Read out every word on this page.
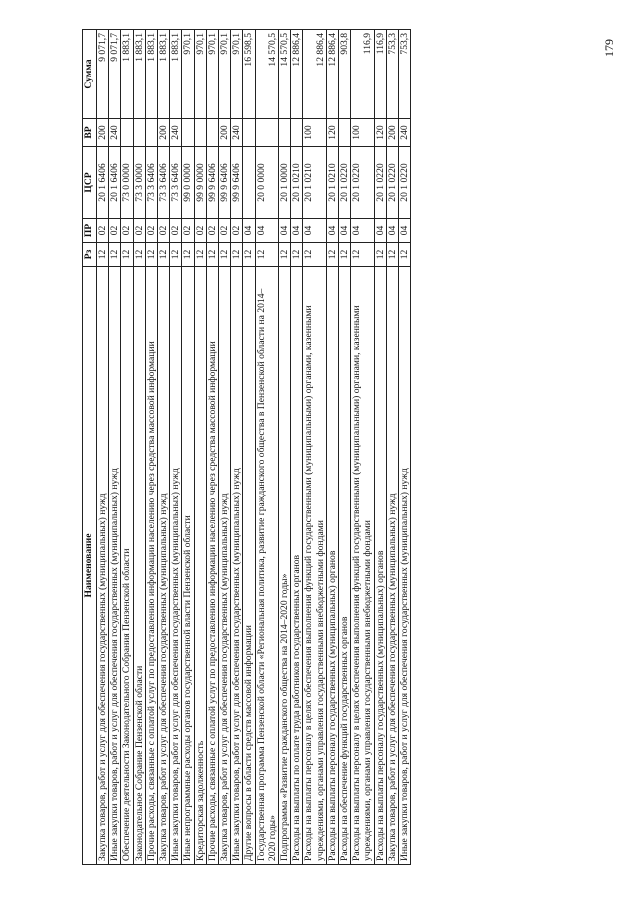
179
Наименование	Рз	ПР	ЦСР	ВР	Сумма
Закупка товаров, работ и услуг для обеспечения государственных (муниципальных) нужд	12	02	20 1 6406	200	9 071,7
Иные закупки товаров, работ и услуг для обеспечения государственных (муниципальных) нужд	12	02	20 1 6406	240	9 071,7
Обеспечение деятельности Законодательного Собрания Пензенской области	12	02	73 0 0000		1 883,1
Законодательное Собрание Пензенской области	12	02	73 3 0000		1 883,1
Прочие расходы, связанные с оплатой услуг по предоставлению информации населению через средства массовой информации	12	02	73 3 6406		1 883,1
Закупка товаров, работ и услуг для обеспечения государственных (муниципальных) нужд	12	02	73 3 6406	200	1 883,1
Иные закупки товаров, работ и услуг для обеспечения государственных (муниципальных) нужд	12	02	73 3 6406	240	1 883,1
Иные непрограммные расходы органов государственной власти Пензенской области	12	02	99 0 0000		970,1
Кредиторская задолженность	12	02	99 9 0000		970,1
Прочие расходы, связанные с оплатой услуг по предоставлению информации населению через средства массовой информации	12	02	99 9 6406		970,1
Закупка товаров, работ и услуг для обеспечения государственных (муниципальных) нужд	12	02	99 9 6406	200	970,1
Иные закупки товаров, работ и услуг для обеспечения государственных (муниципальных) нужд	12	02	99 9 6406	240	970,1
Другие вопросы в области средств массовой информации	12	04			16 598,5
Государственная программа Пензенской области «Региональная политика, развитие гражданского общества в Пензенской области на 2014–2020 годы»	12	04	20 0 0000		14 570,5
Подпрограмма «Развитие гражданского общества на 2014–2020 годы»	12	04	20 1 0000		14 570,5
Расходы на выплаты по оплате труда работников государственных органов	12	04	20 1 0210		12 886,4
Расходы на выплаты персоналу в целях обеспечения выполнения функций государственными (муниципальными) органами, казенными учреждениями, органами управления государственными внебюджетными фондами	12	04	20 1 0210	100	12 886,4
Расходы на выплаты персоналу государственных (муниципальных) органов	12	04	20 1 0210	120	12 886,4
Расходы на обеспечение функций государственных органов	12	04	20 1 0220		903,8
Расходы на выплаты персоналу в целях обеспечения выполнения функций государственными (муниципальными) органами, казенными учреждениями, органами управления государственными внебюджетными фондами	12	04	20 1 0220	100	116,9
Расходы на выплаты персоналу государственных (муниципальных) органов	12	04	20 1 0220	120	116,9
Закупка товаров, работ и услуг для обеспечения государственных (муниципальных) нужд	12	04	20 1 0220	200	753,3
Иные закупки товаров, работ и услуг для обеспечения государственных (муниципальных) нужд	12	04	20 1 0220	240	753,3
